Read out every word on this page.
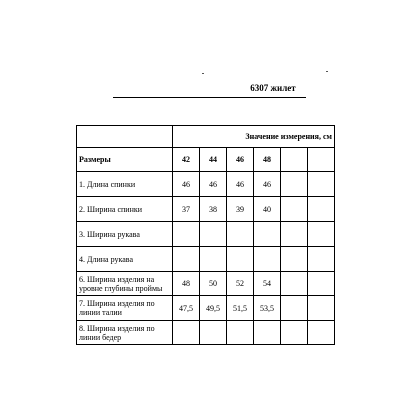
6307 жилет
	Значение измерения, см					
Размеры	42	44	46	48		
1. Длина спинки	46	46	46	46		
2. Ширина спинки	37	38	39	40		
3. Ширина рукава						
4. Длина рукава						
6. Ширина изделия на уровне глубины проймы	48	50	52	54		
7. Ширина изделия по линии талии	47,5	49,5	51,5	53,5		
8. Ширина изделия по линии бедер						
